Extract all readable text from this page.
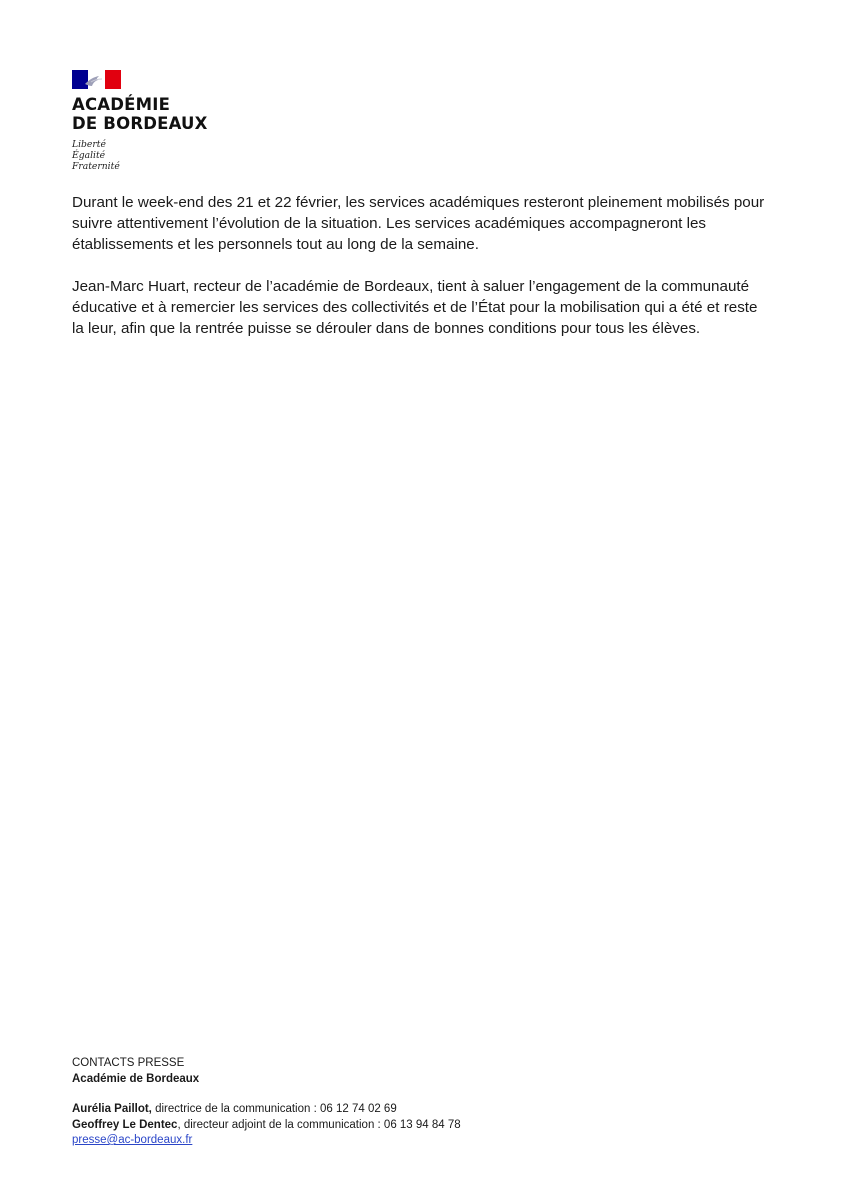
ACADÉMIE
DE BORDEAUX
Liberté
Égalité
Fraternité

Durant le week-end des 21 et 22 février, les services académiques resteront pleinement mobilisés pour suivre attentivement l’évolution de la situation. Les services académiques accompagneront les établissements et les personnels tout au long de la semaine.

Jean-Marc Huart, recteur de l’académie de Bordeaux, tient à saluer l’engagement de la communauté éducative et à remercier les services des collectivités et de l’État pour la mobilisation qui a été et reste la leur, afin que la rentrée puisse se dérouler dans de bonnes conditions pour tous les élèves.

CONTACTS PRESSE
Académie de Bordeaux
Aurélia Paillot, directrice de la communication : 06 12 74 02 69
Geoffrey Le Dentec, directeur adjoint de la communication : 06 13 94 84 78
presse@ac-bordeaux.fr
